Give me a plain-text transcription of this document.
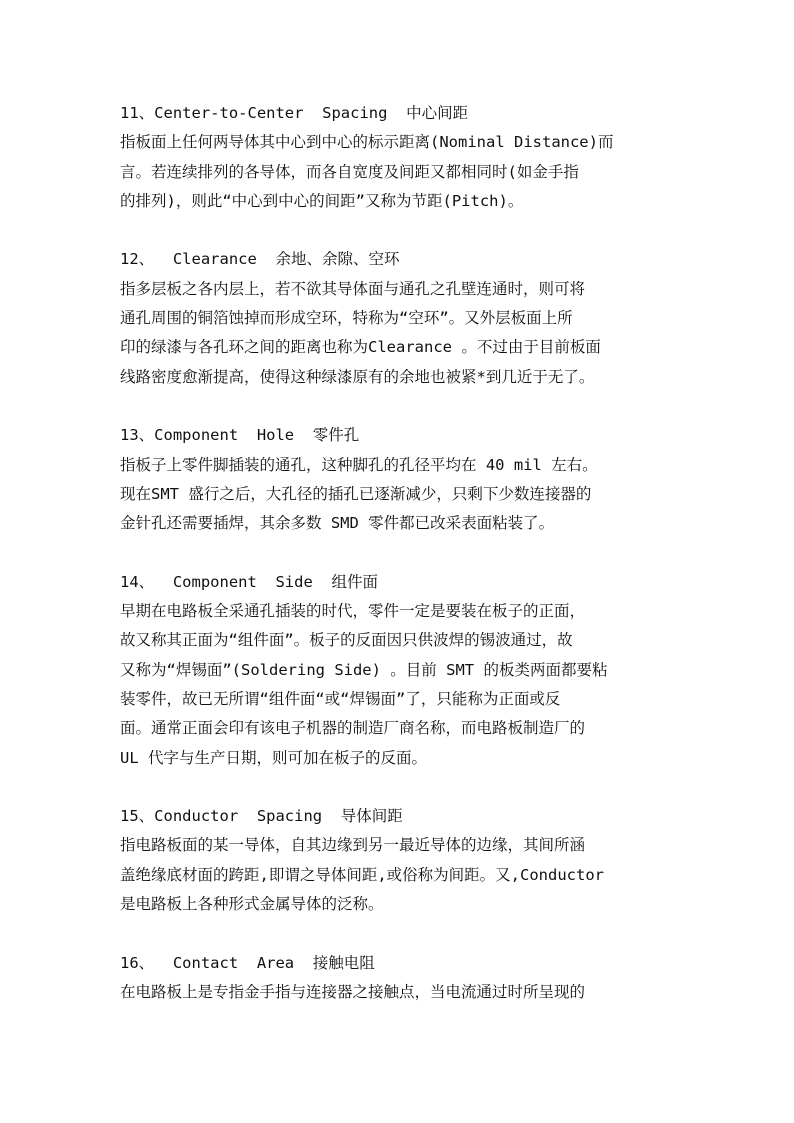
11、Center-to-Center  Spacing  中心间距
指板面上任何两导体其中心到中心的标示距离(Nominal Distance)而
言。若连续排列的各导体，而各自宽度及间距又都相同时(如金手指
的排列)，则此“中心到中心的间距”又称为节距(Pitch)。
12、  Clearance  余地、余隙、空环
指多层板之各内层上，若不欲其导体面与通孔之孔壁连通时，则可将
通孔周围的铜箔蚀掉而形成空环，特称为“空环”。又外层板面上所
印的绿漆与各孔环之间的距离也称为Clearance 。不过由于目前板面
线路密度愈渐提高，使得这种绿漆原有的余地也被紧*到几近于无了。
13、Component  Hole  零件孔
指板子上零件脚插装的通孔，这种脚孔的孔径平均在 40 mil 左右。
现在SMT 盛行之后，大孔径的插孔已逐渐减少，只剩下少数连接器的
金针孔还需要插焊，其余多数 SMD 零件都已改采表面粘装了。
14、  Component  Side  组件面
早期在电路板全采通孔插装的时代，零件一定是要装在板子的正面，
故又称其正面为“组件面”。板子的反面因只供波焊的锡波通过，故
又称为“焊锡面”(Soldering Side) 。目前 SMT 的板类两面都要粘
装零件，故已无所谓“组件面“或“焊锡面”了，只能称为正面或反
面。通常正面会印有该电子机器的制造厂商名称，而电路板制造厂的
UL 代字与生产日期，则可加在板子的反面。
15、Conductor  Spacing  导体间距
指电路板面的某一导体，自其边缘到另一最近导体的边缘，其间所涵
盖绝缘底材面的跨距,即谓之导体间距,或俗称为间距。又,Conductor
是电路板上各种形式金属导体的泛称。
16、  Contact  Area  接触电阻
在电路板上是专指金手指与连接器之接触点，当电流通过时所呈现的
